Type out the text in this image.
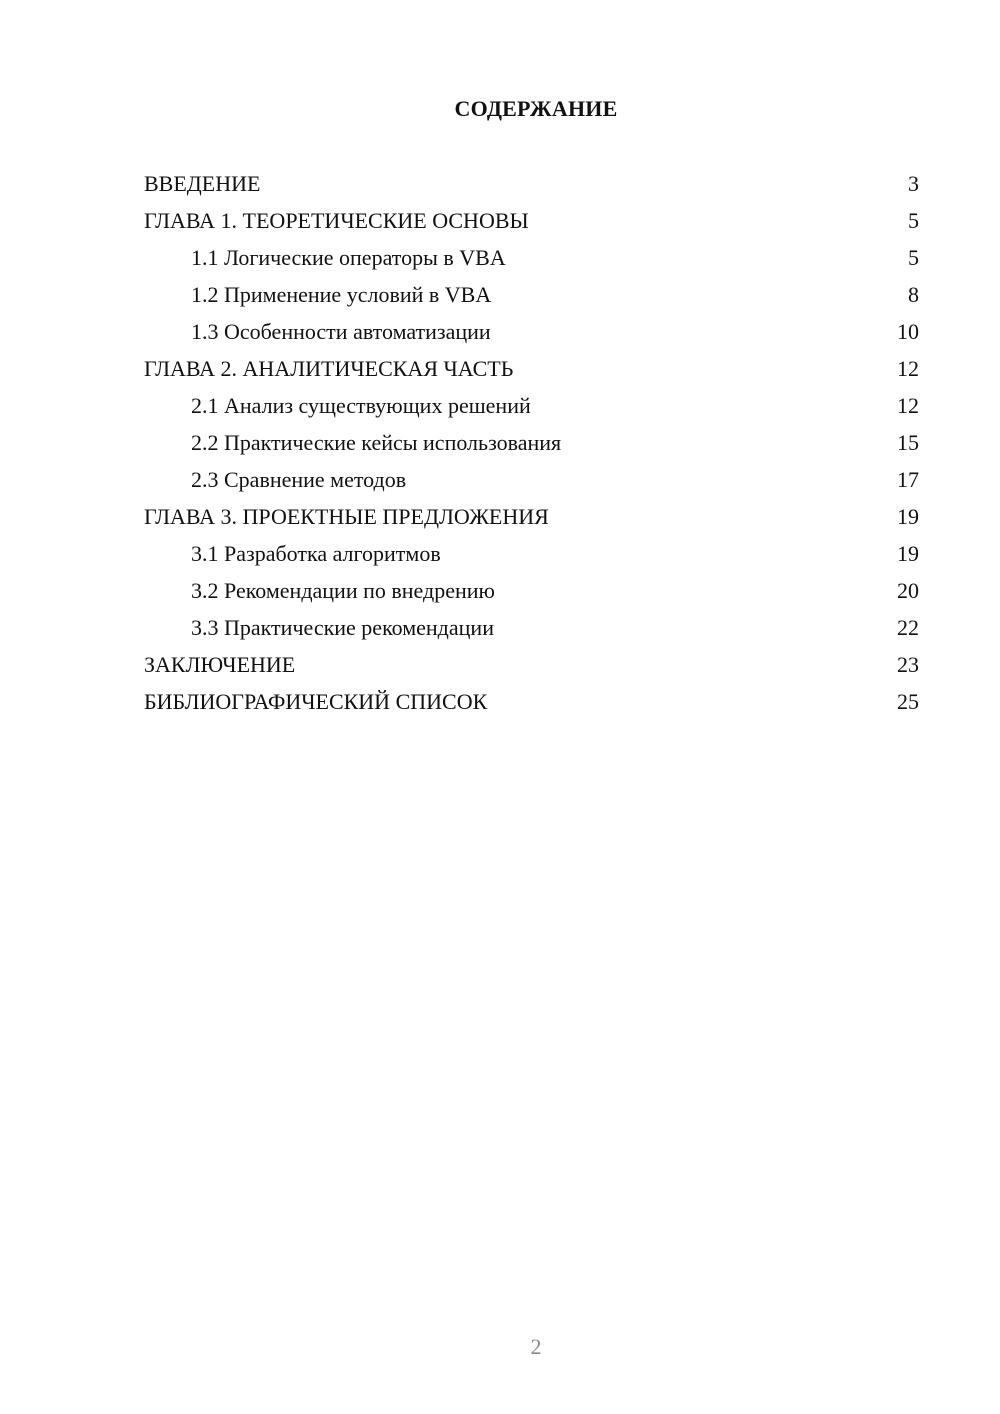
СОДЕРЖАНИЕ
ВВЕДЕНИЕ	3
ГЛАВА 1. ТЕОРЕТИЧЕСКИЕ ОСНОВЫ	5
1.1 Логические операторы в VBA	5
1.2 Применение условий в VBA	8
1.3 Особенности автоматизации	10
ГЛАВА 2. АНАЛИТИЧЕСКАЯ ЧАСТЬ	12
2.1 Анализ существующих решений	12
2.2 Практические кейсы использования	15
2.3 Сравнение методов	17
ГЛАВА 3. ПРОЕКТНЫЕ ПРЕДЛОЖЕНИЯ	19
3.1 Разработка алгоритмов	19
3.2 Рекомендации по внедрению	20
3.3 Практические рекомендации	22
ЗАКЛЮЧЕНИЕ	23
БИБЛИОГРАФИЧЕСКИЙ СПИСОК	25
2
